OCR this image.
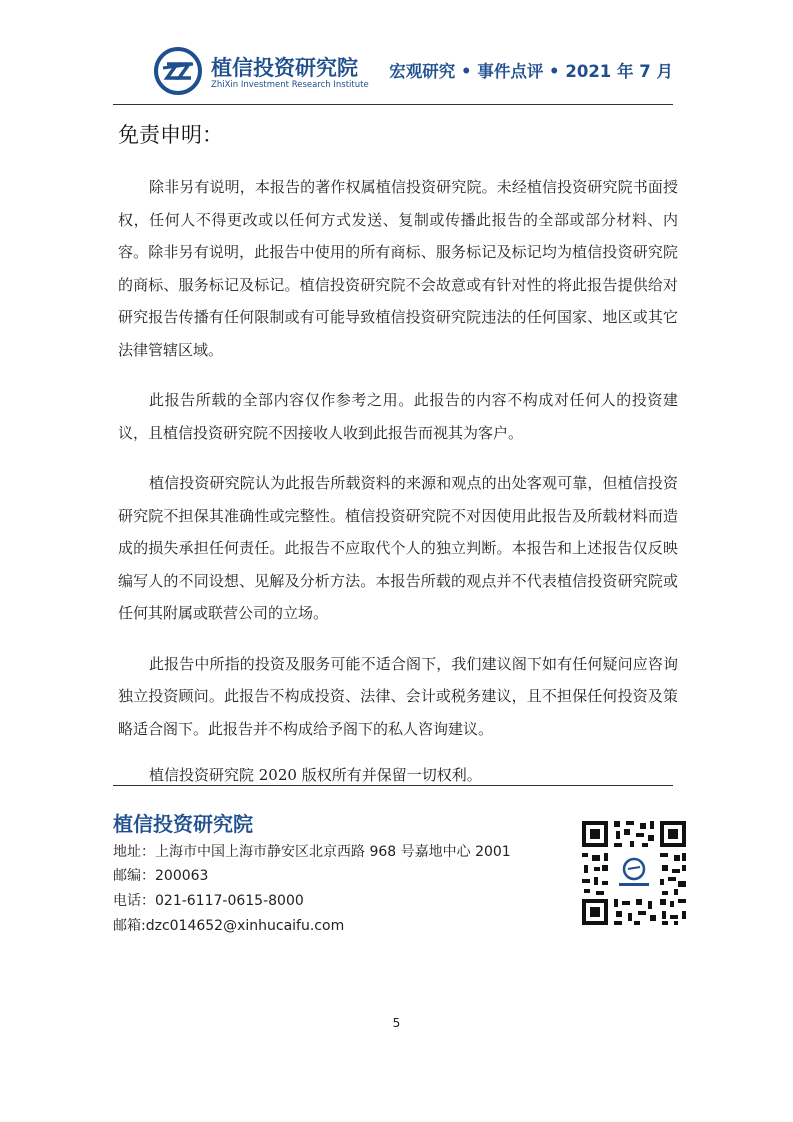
植信投资研究院
ZhiXin Investment Research Institute
宏观研究 • 事件点评 • 2021 年 7 月
免责申明：

除非另有说明，本报告的著作权属植信投资研究院。未经植信投资研究院书面授权，任何人不得更改或以任何方式发送、复制或传播此报告的全部或部分材料、内容。除非另有说明，此报告中使用的所有商标、服务标记及标记均为植信投资研究院的商标、服务标记及标记。植信投资研究院不会故意或有针对性的将此报告提供给对研究报告传播有任何限制或有可能导致植信投资研究院违法的任何国家、地区或其它法律管辖区域。

此报告所载的全部内容仅作参考之用。此报告的内容不构成对任何人的投资建议，且植信投资研究院不因接收人收到此报告而视其为客户。

植信投资研究院认为此报告所载资料的来源和观点的出处客观可靠，但植信投资研究院不担保其准确性或完整性。植信投资研究院不对因使用此报告及所载材料而造成的损失承担任何责任。此报告不应取代个人的独立判断。本报告和上述报告仅反映编写人的不同设想、见解及分析方法。本报告所载的观点并不代表植信投资研究院或任何其附属或联营公司的立场。

此报告中所指的投资及服务可能不适合阁下，我们建议阁下如有任何疑问应咨询独立投资顾问。此报告不构成投资、法律、会计或税务建议，且不担保任何投资及策略适合阁下。此报告并不构成给予阁下的私人咨询建议。

植信投资研究院 2020 版权所有并保留一切权利。

植信投资研究院
地址：上海市中国上海市静安区北京西路 968 号嘉地中心 2001
邮编：200063
电话：021-6117-0615-8000
邮箱:dzc014652@xinhucaifu.com
5
